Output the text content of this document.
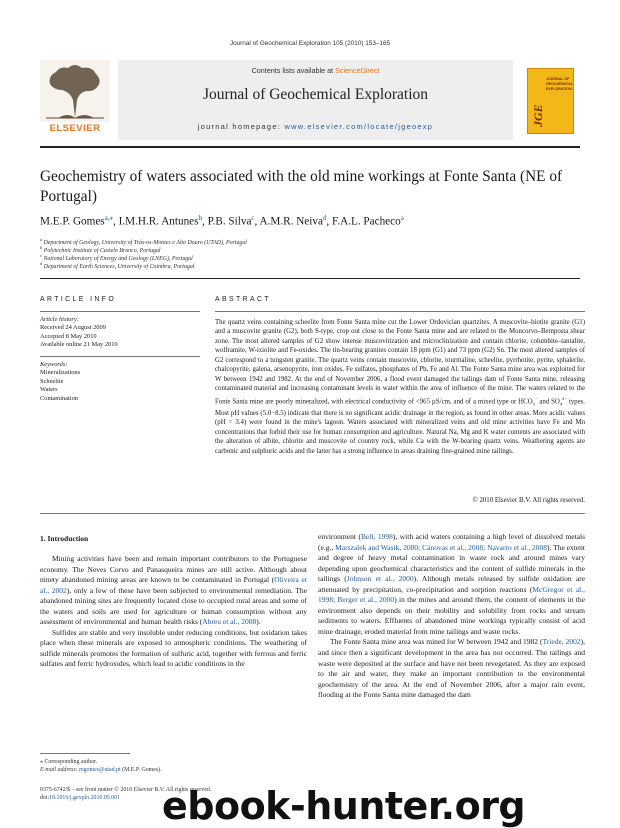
Journal of Geochemical Exploration 105 (2010) 153–165
ELSEVIER
Contents lists available at ScienceDirect
Journal of Geochemical Exploration
journal homepage: www.elsevier.com/locate/jgeoexp	JGE
JOURNAL OF
GEOCHEMICAL
EXPLORATION
Geochemistry of waters associated with the old mine workings at Fonte Santa (NE of Portugal)
M.E.P. Gomes$^{a,⁎}$, I.M.H.R. Antunes$^b$, P.B. Silva$^c$, A.M.R. Neiva$^d$, F.A.L. Pacheco$^a$
$^a$ Department of Geology, University of Trás-os-Montes e Alto Douro (UTAD), Portugal
$^b$ Polytechnic Institute of Castelo Branco, Portugal
$^c$ National Laboratory of Energy and Geology (LNEG), Portugal
$^d$ Department of Earth Sciences, University of Coimbra, Portugal
ARTICLE INFO
Article history:
Received 24 August 2009
Accepted 8 May 2010
Available online 21 May 2010
Keywords:
Mineralizations
Scheelite
Waters
Contamination
ABSTRACT
The quartz veins containing scheelite from Fonte Santa mine cut the Lower Ordovician quartzites. A muscovite–biotite granite (G1) and a muscovite granite (G2), both S-type, crop out close to the Fonte Santa mine and are related to the Moncorvo–Bemposta shear zone. The most altered samples of G2 show intense muscovitization and microclinization and contain chlorite, columbite–tantalite, wolframite, W-ixiolite and Fe-oxides. The tin-bearing granites contain 18 ppm (G1) and 73 ppm (G2) Sn. The most altered samples of G2 correspond to a tungsten granite. The quartz veins contain muscovite, chlorite, tourmaline, scheelite, pyrrhotite, pyrite, sphalerite, chalcopyrite, galena, arsenopyrite, iron oxides, Fe sulfates, phosphates of Pb, Fe and Al. The Fonte Santa mine area was exploited for W between 1942 and 1982. At the end of November 2006, a flood event damaged the tailings dam of Fonte Santa mine, releasing contaminated material and increasing contaminant levels in water within the area of influence of the mine. The waters related to the Fonte Santa mine are poorly mineralized, with electrical conductivity of <965 µS/cm, and of a mixed type or $HCO_3^-$ and $SO_4^{2-}$ types. Most pH values (5.0−8.5) indicate that there is no significant acidic drainage in the region, as found in other areas. More acidic values (pH = 3.4) were found in the mine's lagoon. Waters associated with mineralized veins and old mine activities have Fe and Mn concentrations that forbid their use for human consumption and agriculture. Natural Na, Mg and K water contents are associated with the alteration of albite, chlorite and muscovite of country rock, while Ca with the W-bearing quartz veins. Weathering agents are carbonic and sulphuric acids and the latter has a strong influence in areas draining fine-grained mine tailings.
© 2010 Elsevier B.V. All rights reserved.
1. Introduction

Mining activities have been and remain important contributors to the Portuguese economy. The Neves Corvo and Panasqueira mines are still active. Although about ninety abandoned mining areas are known to be contaminated in Portugal (Oliveira et al., 2002), only a few of these have been subjected to environmental remediation. The abandoned mining sites are frequently located close to occupied rural areas and some of the waters and soils are used for agriculture or human consumption without any assessment of environmental and human health risks (Abreu et al., 2008).

Sulfides are stable and very insoluble under reducing conditions, but oxidation takes place when these minerals are exposed to atmospheric conditions. The weathering of sulfide minerals promotes the formation of sulfuric acid, together with ferrous and ferric sulfates and ferric hydroxides, which lead to acidic conditions in the

environment (Bell, 1998), with acid waters containing a high level of dissolved metals (e.g., Marszalek and Wasik, 2000; Cánovas et al., 2008; Navarro et al., 2008). The extent and degree of heavy metal contamination in waste rock and around mines vary depending upon geochemical characteristics and the content of sulfide minerals in the tailings (Johnson et al., 2000). Although metals released by sulfide oxidation are attenuated by precipitation, co-precipitation and sorption reactions (McGregor et al., 1998; Berger et al., 2000) in the mines and around them, the content of elements in the environment also depends on their mobility and solubility from rocks and stream sediments to waters. Effluents of abandoned mine workings typically consist of acid mine drainage, eroded material from mine tailings and waste rocks.

The Fonte Santa mine area was mined for W between 1942 and 1982 (Triede, 2002), and since then a significant development in the area has not occurred. The tailings and waste were deposited at the surface and have not been revegetated. As they are exposed to the air and water, they make an important contribution to the environmental geochemistry of the area. At the end of November 2006, after a major rain event, flooding at the Fonte Santa mine damaged the dam

⁎ Corresponding author.
E-mail address: mgomes@utad.pt (M.E.P. Gomes).
0375-6742/$ – see front matter © 2010 Elsevier B.V. All rights reserved.
doi:10.1016/j.gexplo.2010.05.001	ebook-hunter.org
